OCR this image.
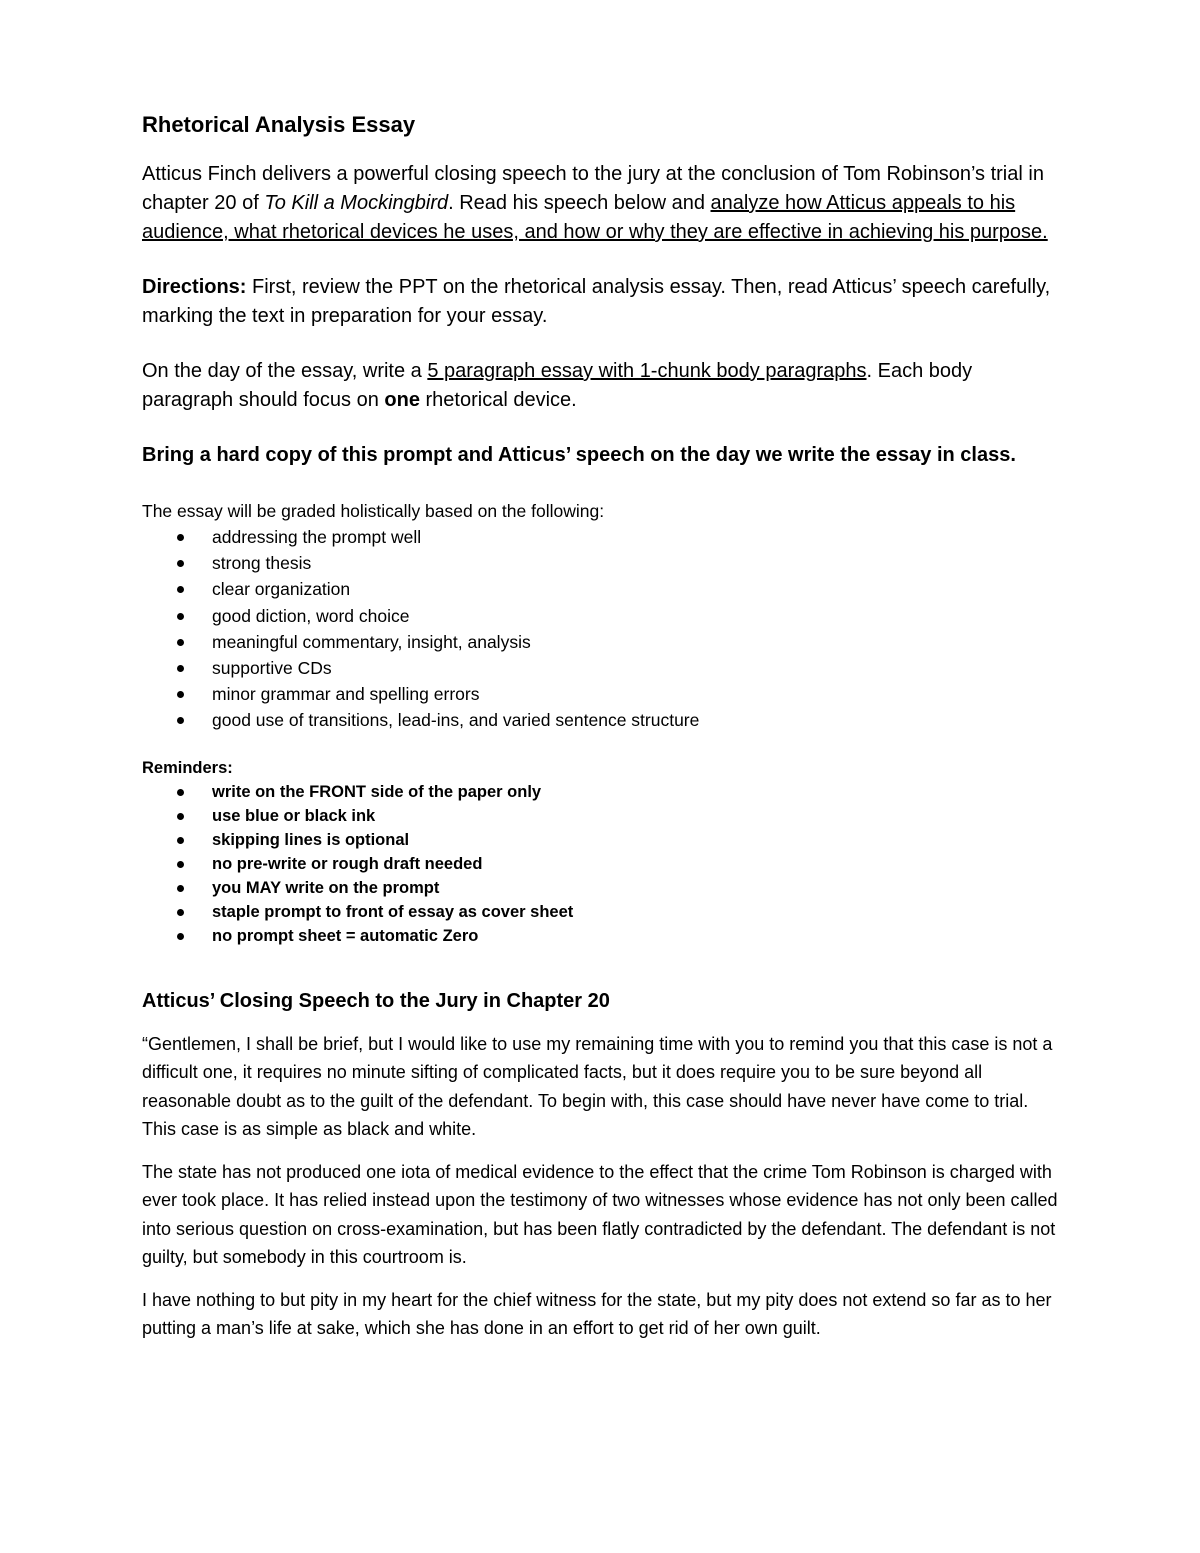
Rhetorical Analysis Essay

Atticus Finch delivers a powerful closing speech to the jury at the conclusion of Tom Robinson’s trial in chapter 20 of To Kill a Mockingbird. Read his speech below and analyze how Atticus appeals to his audience, what rhetorical devices he uses, and how or why they are effective in achieving his purpose.

Directions: First, review the PPT on the rhetorical analysis essay. Then, read Atticus’ speech carefully, marking the text in preparation for your essay.

On the day of the essay, write a 5 paragraph essay with 1-chunk body paragraphs. Each body paragraph should focus on one rhetorical device.

Bring a hard copy of this prompt and Atticus’ speech on the day we write the essay in class.

The essay will be graded holistically based on the following:

addressing the prompt well
strong thesis
clear organization
good diction, word choice
meaningful commentary, insight, analysis
supportive CDs
minor grammar and spelling errors
good use of transitions, lead-ins, and varied sentence structure

Reminders:

write on the FRONT side of the paper only
use blue or black ink
skipping lines is optional
no pre-write or rough draft needed
you MAY write on the prompt
staple prompt to front of essay as cover sheet
no prompt sheet = automatic Zero
Atticus’ Closing Speech to the Jury in Chapter 20

“Gentlemen, I shall be brief, but I would like to use my remaining time with you to remind you that this case is not a difficult one, it requires no minute sifting of complicated facts, but it does require you to be sure beyond all reasonable doubt as to the guilt of the defendant. To begin with, this case should have never have come to trial. This case is as simple as black and white.

The state has not produced one iota of medical evidence to the effect that the crime Tom Robinson is charged with ever took place. It has relied instead upon the testimony of two witnesses whose evidence has not only been called into serious question on cross-examination, but has been flatly contradicted by the defendant. The defendant is not guilty, but somebody in this courtroom is.

I have nothing to but pity in my heart for the chief witness for the state, but my pity does not extend so far as to her putting a man’s life at sake, which she has done in an effort to get rid of her own guilt.
